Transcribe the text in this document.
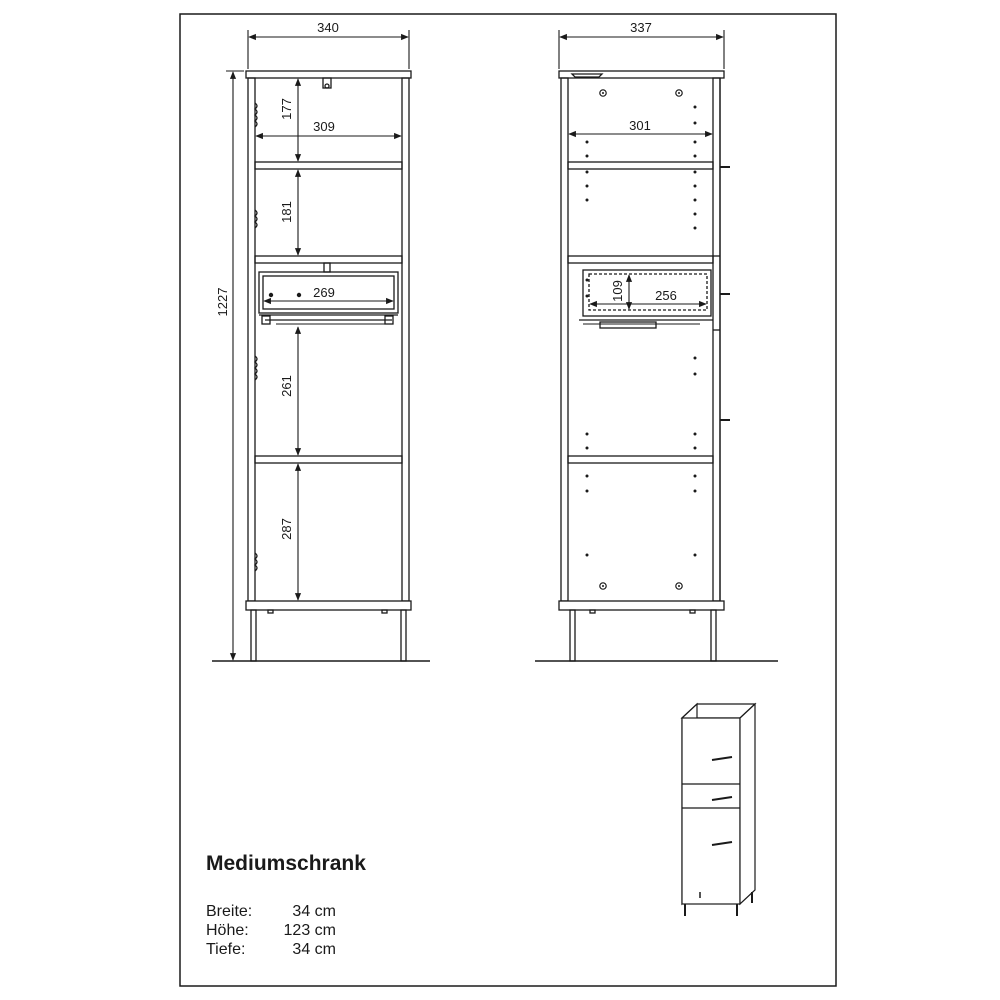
340
1227
177
309
181
269
261
287
337
301
109 256
Mediumschrank
Breite:	34 cm
Höhe: 123 cm
Tiefe:	34 cm
